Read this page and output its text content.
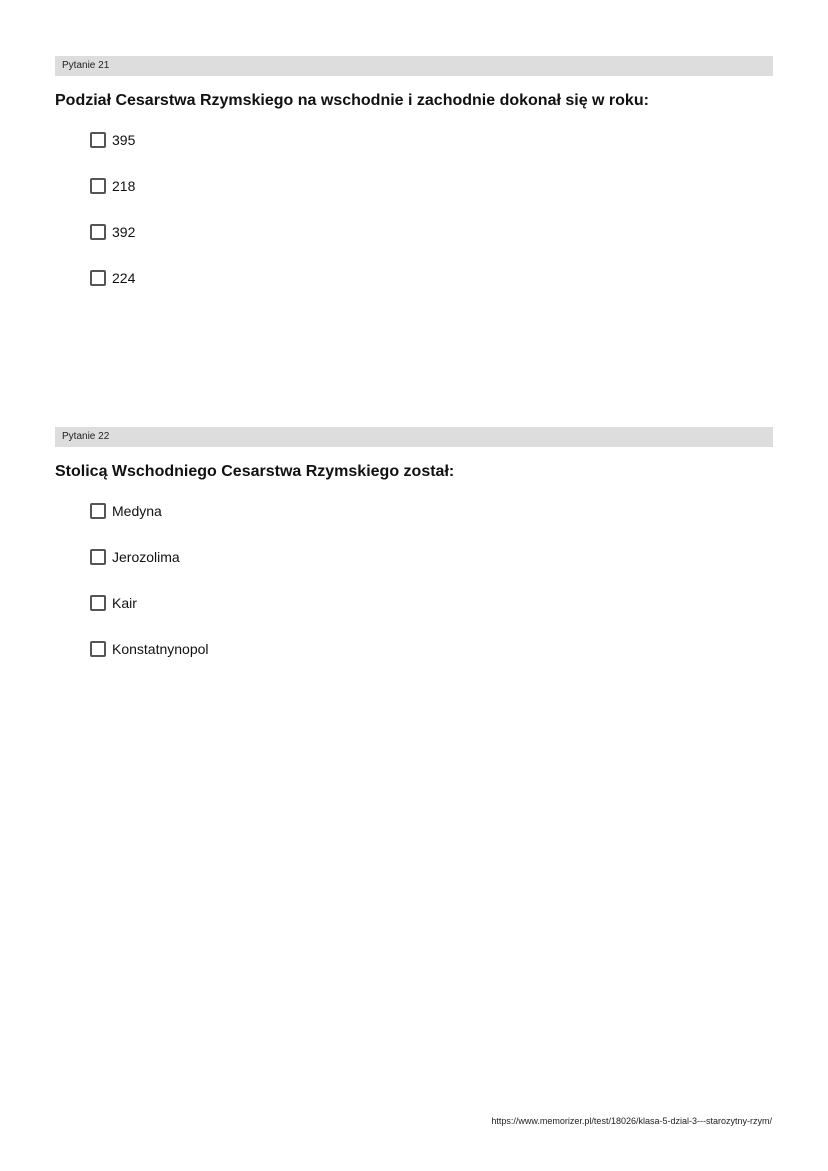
Pytanie 21
Podział Cesarstwa Rzymskiego na wschodnie i zachodnie dokonał się w roku:
395
218
392
224
Pytanie 22
Stolicą Wschodniego Cesarstwa Rzymskiego został:
Medyna
Jerozolima
Kair
Konstatnynopol
https://www.memorizer.pl/test/18026/klasa-5-dzial-3---starozytny-rzym/
